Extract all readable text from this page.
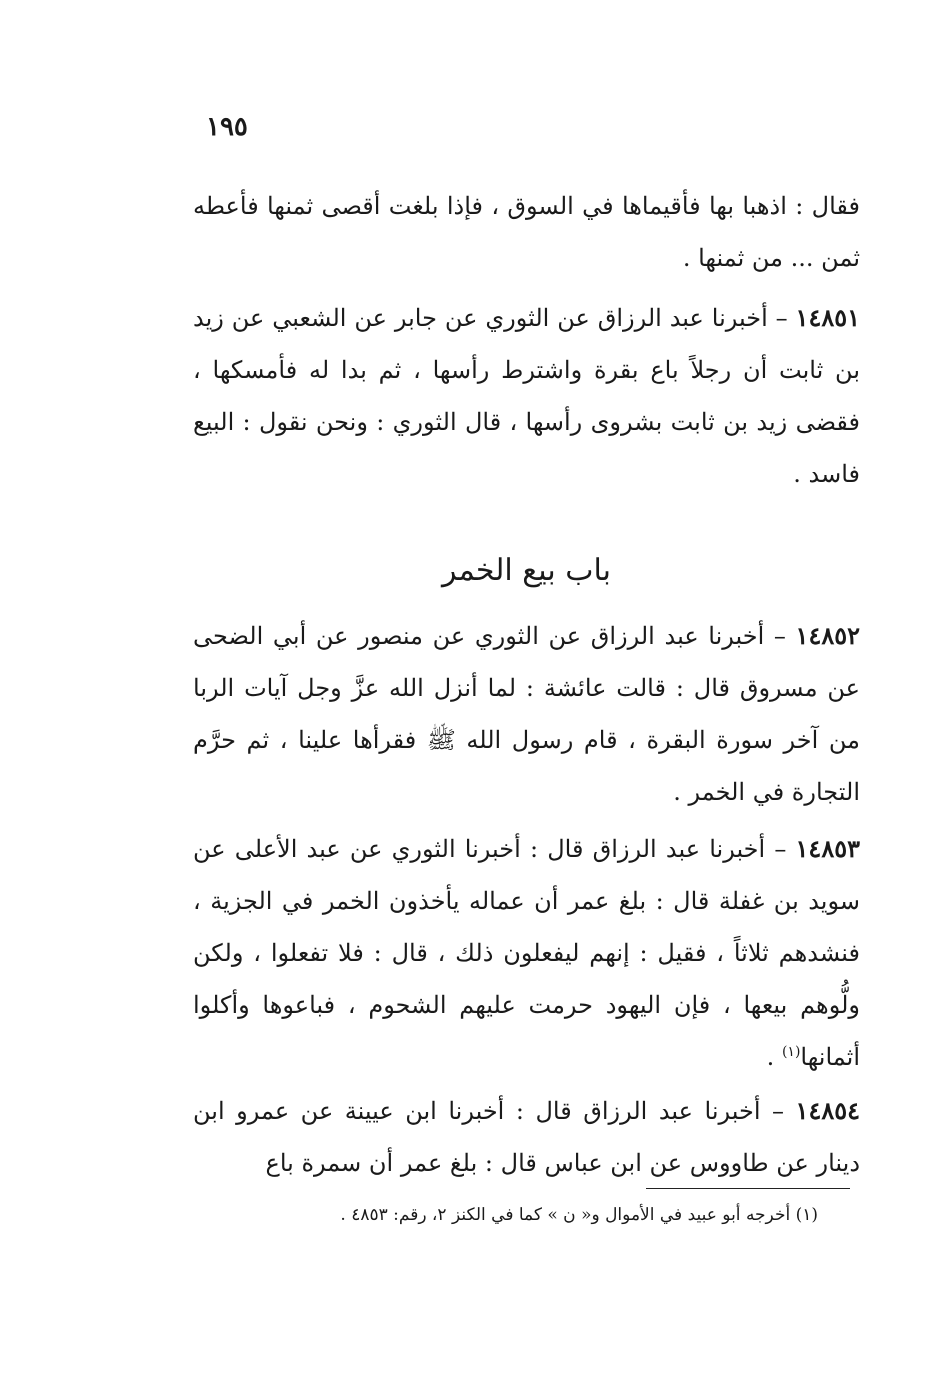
١٩٥

فقال : اذهبا بها فأقيماها في السوق ، فإذا بلغت أقصى ثمنها فأعطه ثمن ... من ثمنها .

١٤٨٥١ – أخبرنا عبد الرزاق عن الثوري عن جابر عن الشعبي عن زيد بن ثابت أن رجلاً باع بقرة واشترط رأسها ، ثم بدا له فأمسكها ، فقضى زيد بن ثابت بشروى رأسها ، قال الثوري : ونحن نقول : البيع فاسد .

باب بيع الخمر

١٤٨٥٢ – أخبرنا عبد الرزاق عن الثوري عن منصور عن أبي الضحى عن مسروق قال : قالت عائشة : لما أنزل الله عزَّ وجل آيات الربا من آخر سورة البقرة ، قام رسول الله ﷺ فقرأها علينا ، ثم حرَّم التجارة في الخمر .

١٤٨٥٣ – أخبرنا عبد الرزاق قال : أخبرنا الثوري عن عبد الأعلى عن سويد بن غفلة قال : بلغ عمر أن عماله يأخذون الخمر في الجزية ، فنشدهم ثلاثاً ، فقيل : إنهم ليفعلون ذلك ، قال : فلا تفعلوا ، ولكن ولُّوهم بيعها ، فإن اليهود حرمت عليهم الشحوم ، فباعوها وأكلوا أثمانها$^{(١)}$ .

١٤٨٥٤ – أخبرنا عبد الرزاق قال : أخبرنا ابن عيينة عن عمرو ابن دينار عن طاووس عن ابن عباس قال : بلغ عمر أن سمرة باع

(١) أخرجه أبو عبيد في الأموال و« ن » كما في الكنز ٢، رقم: ٤٨٥٣ .
